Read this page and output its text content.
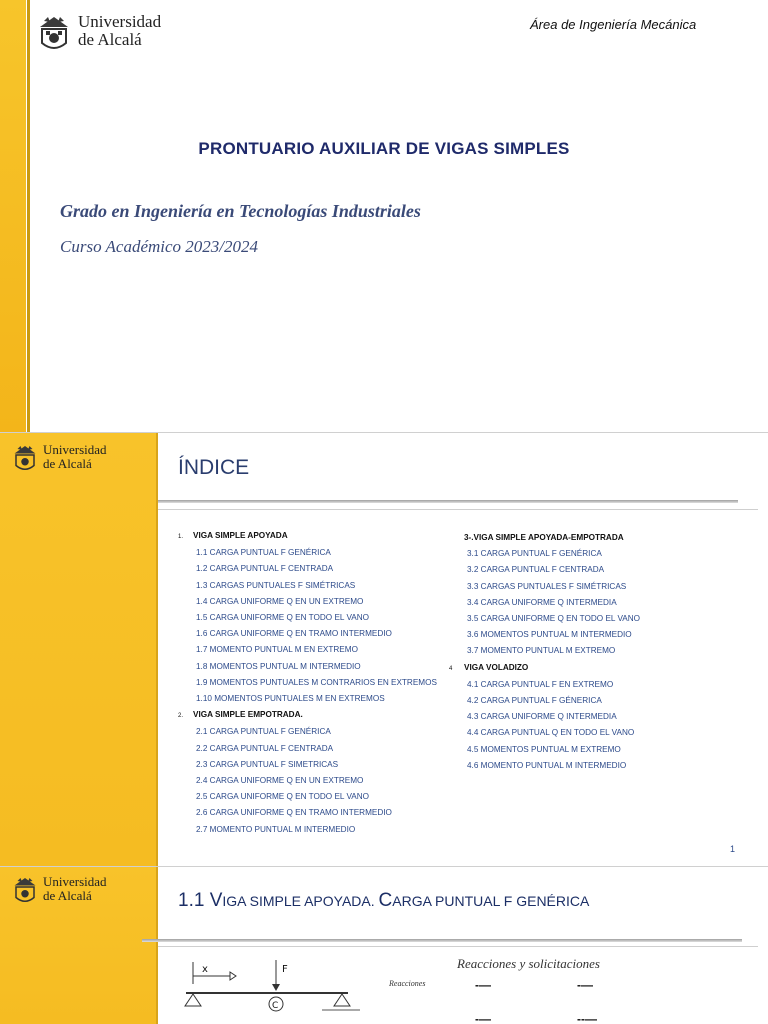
Universidad
de Alcalá
Área de Ingeniería Mecánica
PRONTUARIO AUXILIAR DE VIGAS SIMPLES
Grado en Ingeniería en Tecnologías Industriales
Curso Académico 2023/2024
Universidad
de Alcalá	ÍNDICE
1. VIGA SIMPLE APOYADA
1.1 CARGA PUNTUAL F GENÉRICA
1.2 CARGA PUNTUAL F CENTRADA
1.3 CARGAS PUNTUALES F SIMÉTRICAS
1.4 CARGA UNIFORME Q EN UN EXTREMO
1.5 CARGA UNIFORME Q EN TODO EL VANO
1.6 CARGA UNIFORME Q EN TRAMO INTERMEDIO
1.7 MOMENTO PUNTUAL M EN EXTREMO
1.8 MOMENTOS PUNTUAL M INTERMEDIO
1.9 MOMENTOS PUNTUALES M CONTRARIOS EN EXTREMOS
1.10 MOMENTOS PUNTUALES M EN EXTREMOS
2. VIGA SIMPLE EMPOTRADA.
2.1 CARGA PUNTUAL F GENÉRICA
2.2 CARGA PUNTUAL F CENTRADA
2.3 CARGA PUNTUAL F SIMETRICAS
2.4 CARGA UNIFORME Q EN UN EXTREMO
2.5 CARGA UNIFORME Q EN TODO EL VANO
2.6 CARGA UNIFORME Q EN TRAMO INTERMEDIO
2.7 MOMENTO PUNTUAL M INTERMEDIO
3-.VIGA SIMPLE APOYADA-EMPOTRADA
3.1 CARGA PUNTUAL F GENÉRICA
3.2 CARGA PUNTUAL F CENTRADA
3.3 CARGAS PUNTUALES F SIMÉTRICAS
3.4 CARGA UNIFORME Q INTERMEDIA
3.5 CARGA UNIFORME Q EN TODO EL VANO
3.6 MOMENTOS PUNTUAL M INTERMEDIO
3.7 MOMENTO PUNTUAL M EXTREMO
4 VIGA VOLADIZO
4.1 CARGA PUNTUAL F EN EXTREMO
4.2 CARGA PUNTUAL F GÉNERICA
4.3 CARGA UNIFORME Q INTERMEDIA
4.4 CARGA PUNTUAL Q EN TODO EL VANO
4.5 MOMENTOS PUNTUAL M EXTREMO
4.6 MOMENTO PUNTUAL M INTERMEDIO
1
Universidad
de Alcalá	1.1 VIGA SIMPLE APOYADA. CARGA PUNTUAL F GENÉRICA
Reacciones y solicitaciones
Reacciones	-—	-—
-—	--—
x	F
C
